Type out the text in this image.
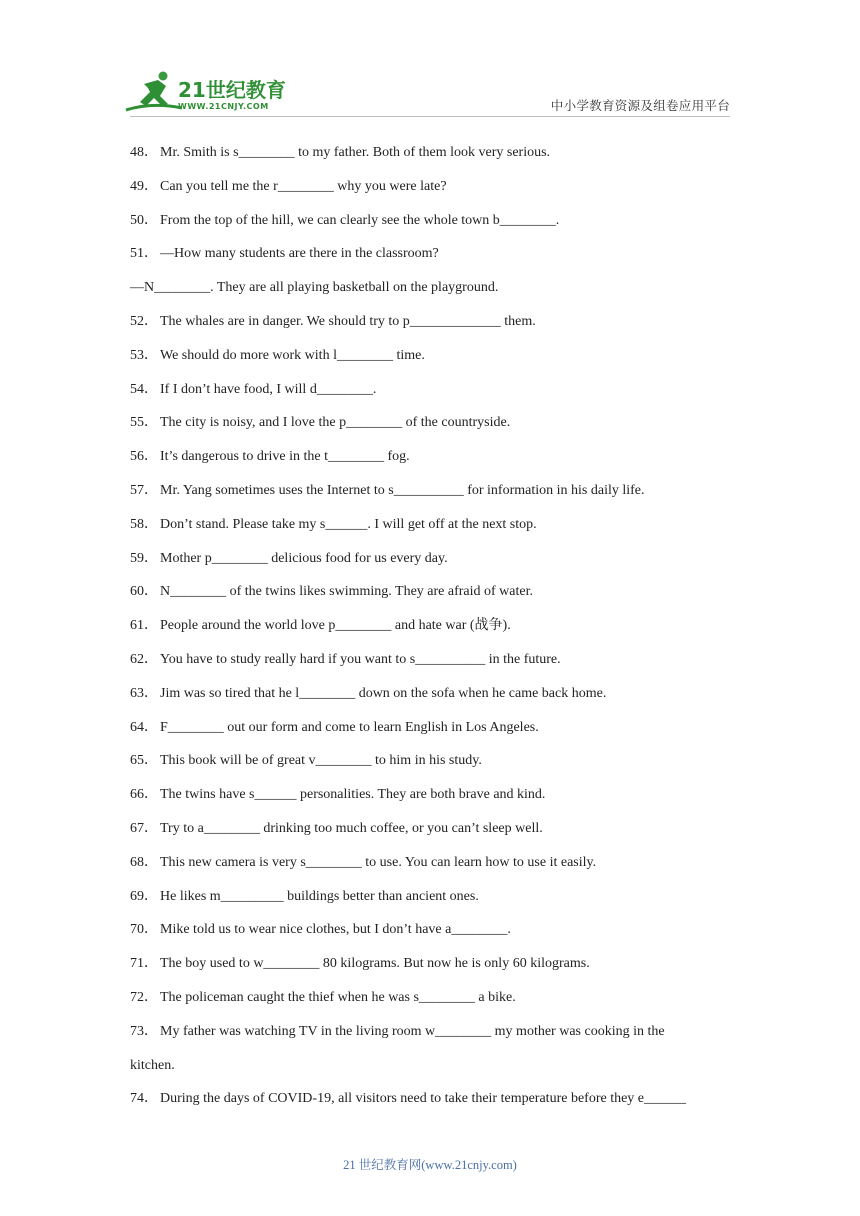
21世纪教育
WWW.21CNJY.COM	中小学教育资源及组卷应用平台
48． Mr. Smith is s________ to my father. Both of them look very serious.
49． Can you tell me the r________ why you were late?
50． From the top of the hill, we can clearly see the whole town b________.
51． —How many students are there in the classroom?
—N________. They are all playing basketball on the playground.
52． The whales are in danger. We should try to p_____________ them.
53． We should do more work with l________ time.
54． If I don’t have food, I will d________.
55． The city is noisy, and I love the p________ of the countryside.
56． It’s dangerous to drive in the t________ fog.
57． Mr. Yang sometimes uses the Internet to s__________ for information in his daily life.
58． Don’t stand. Please take my s______. I will get off at the next stop.
59． Mother p________ delicious food for us every day.
60． N________ of the twins likes swimming. They are afraid of water.
61． People around the world love p________ and hate war (战争).
62． You have to study really hard if you want to s__________ in the future.
63． Jim was so tired that he l________ down on the sofa when he came back home.
64． F________ out our form and come to learn English in Los Angeles.
65． This book will be of great v________ to him in his study.
66． The twins have s______ personalities. They are both brave and kind.
67． Try to a________ drinking too much coffee, or you can’t sleep well.
68． This new camera is very s________ to use. You can learn how to use it easily.
69． He likes m_________ buildings better than ancient ones.
70． Mike told us to wear nice clothes, but I don’t have a________.
71． The boy used to w________ 80 kilograms. But now he is only 60 kilograms.
72． The policeman caught the thief when he was s________ a bike.
73． My father was watching TV in the living room w________ my mother was cooking in the
kitchen.
74． During the days of COVID-19, all visitors need to take their temperature before they e______
21 世纪教育网(www.21cnjy.com)
